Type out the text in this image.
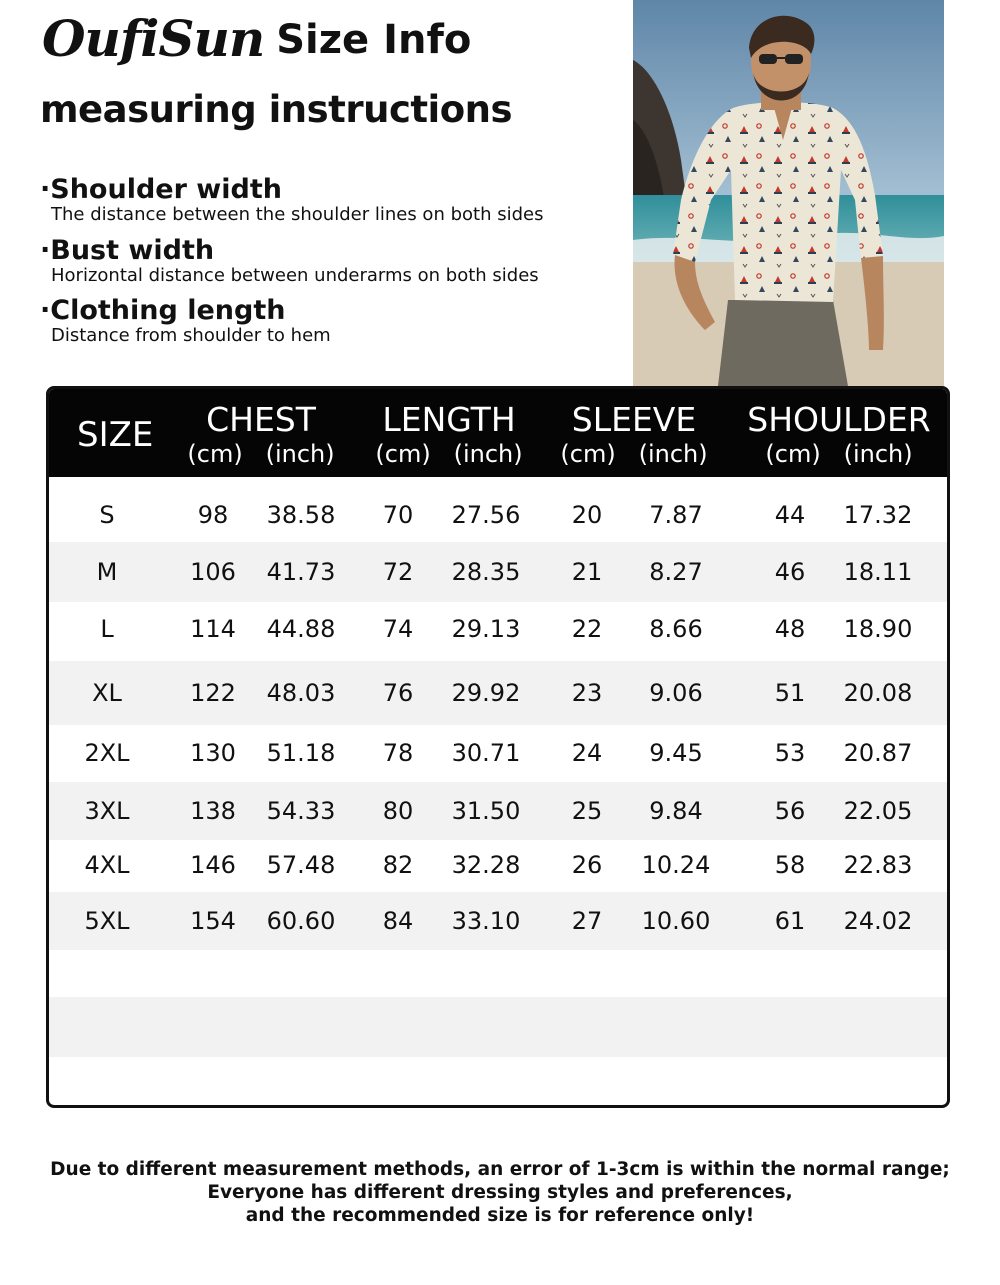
OufiSun Size Info
measuring instructions
·Shoulder width
The distance between the shoulder lines on both sides
·Bust width
Horizontal distance between underarms on both sides
·Clothing length
Distance from shoulder to hem
SIZE	CHEST
(cm) (inch)
LENGTH
(cm) (inch)
SLEEVE
(cm) (inch)
SHOULDER
(cm) (inch)
S	98 38.58 70 27.56 20 7.87	44 17.32
M	106 41.73 72 28.35 21 8.27	46 18.11
L	114 44.88 74 29.13 22 8.66	48 18.90
XL	122 48.03 76 29.92 23 9.06	51 20.08
2XL	130 51.18 78 30.71 24 9.45	53 20.87
3XL	138 54.33 80 31.50 25 9.84	56 22.05
4XL	146 57.48 82 32.28 26 10.24	58 22.83
5XL	154 60.60 84 33.10 27 10.60	61 24.02
Due to different measurement methods, an error of 1-3cm is within the normal range;
Everyone has different dressing styles and preferences,
and the recommended size is for reference only!
